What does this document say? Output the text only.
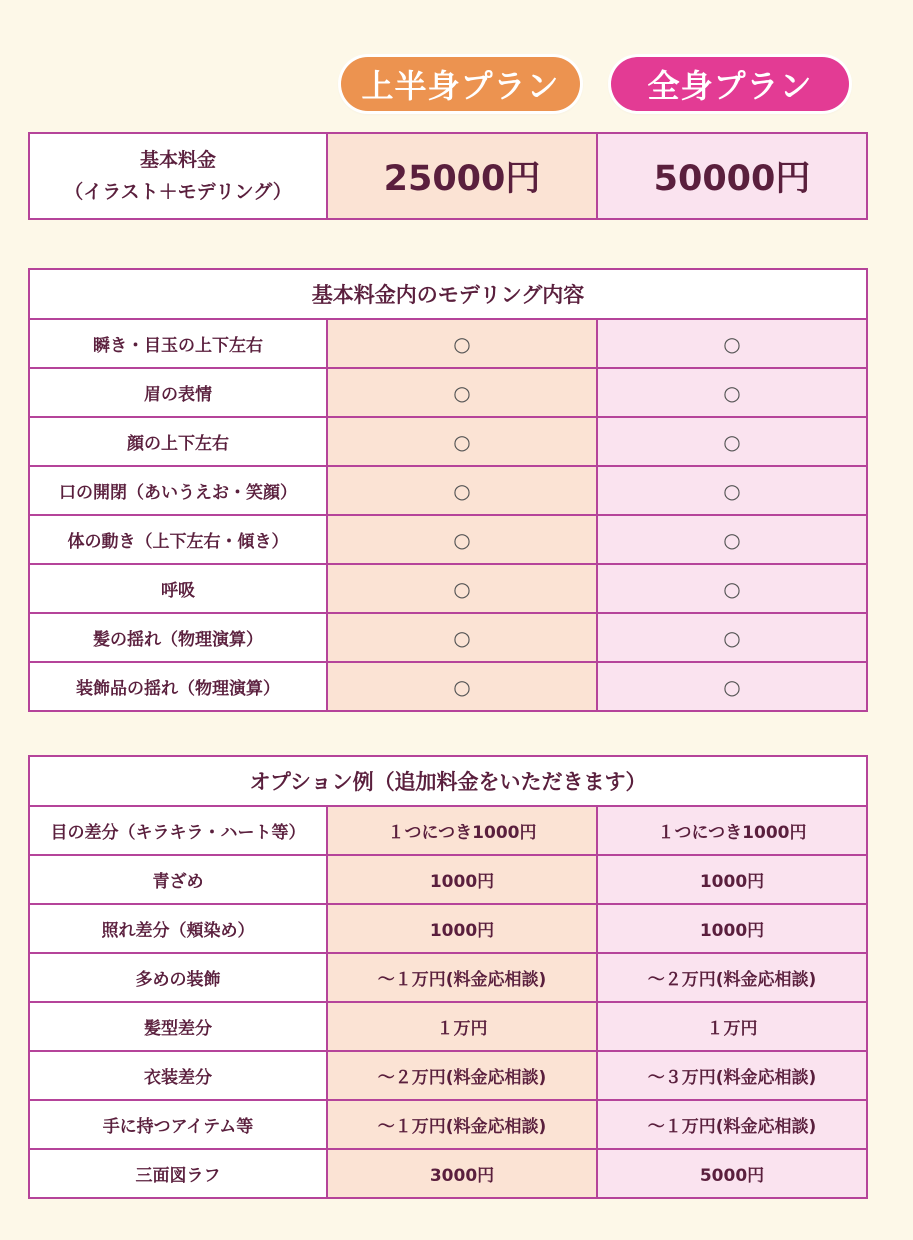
上半身プラン	全身プラン
基本料金
（イラスト＋モデリング）	25000円	50000円
基本料金内のモデリング内容		
瞬き・目玉の上下左右	○	○
眉の表情	○	○
顔の上下左右	○	○
口の開閉（あいうえお・笑顔）	○	○
体の動き（上下左右・傾き）	○	○
呼吸	○	○
髪の揺れ（物理演算）	○	○
装飾品の揺れ（物理演算）	○	○
オプション例（追加料金をいただきます）		
目の差分（キラキラ・ハート等）	１つにつき1000円	１つにつき1000円
青ざめ	1000円	1000円
照れ差分（頬染め）	1000円	1000円
多めの装飾	～１万円(料金応相談)	～２万円(料金応相談)
髪型差分	１万円	１万円
衣装差分	～２万円(料金応相談)	～３万円(料金応相談)
手に持つアイテム等	～１万円(料金応相談)	～１万円(料金応相談)
三面図ラフ	3000円	5000円
